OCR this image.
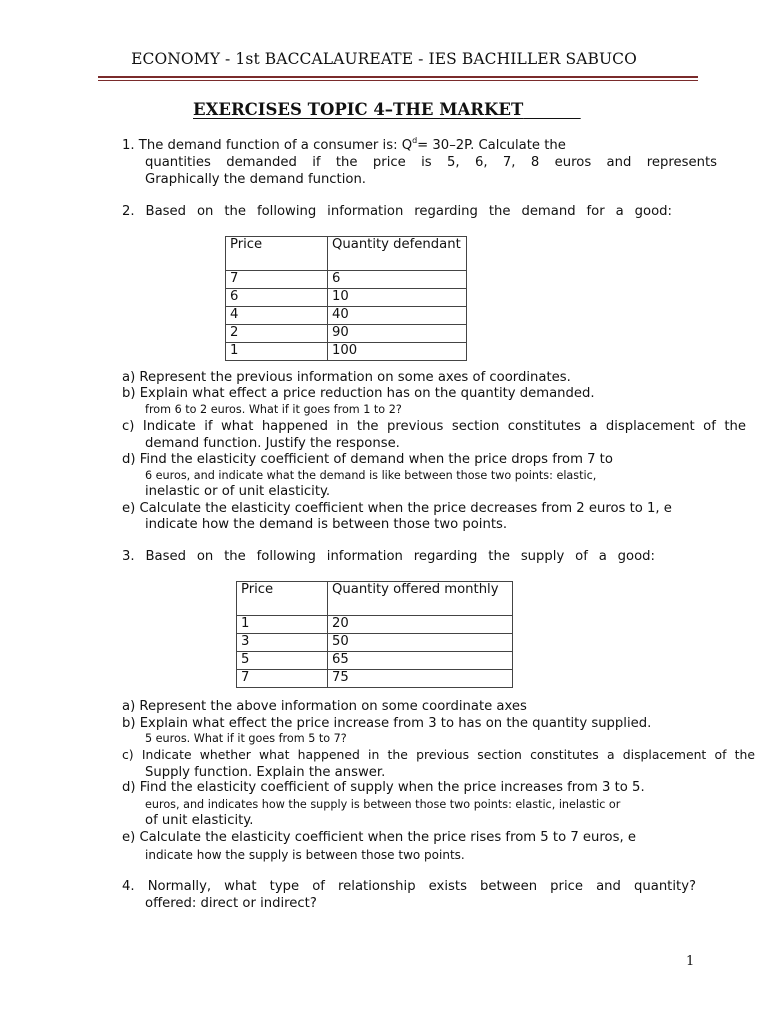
ECONOMY - 1st BACCALAUREATE - IES BACHILLER SABUCO
EXERCISES TOPIC 4–THE MARKET
1. The demand function of a consumer is: $Q^d= 30-2P$. Calculate the
quantities demanded if the price is 5, 6, 7, 8 euros and represents
Graphically the demand function.
2. Based on the following information regarding the demand for a good:
Price	Quantity defendant
7	6
6	10
4	40
2	90
1	100
a) Represent the previous information on some axes of coordinates.
b) Explain what effect a price reduction has on the quantity demanded.
from 6 to 2 euros. What if it goes from 1 to 2?
c) Indicate if what happened in the previous section constitutes a displacement of the
demand function. Justify the response.
d) Find the elasticity coefficient of demand when the price drops from 7 to
6 euros, and indicate what the demand is like between those two points: elastic,
inelastic or of unit elasticity.
e) Calculate the elasticity coefficient when the price decreases from 2 euros to 1, e
indicate how the demand is between those two points.
3. Based on the following information regarding the supply of a good:
Price	Quantity offered monthly
1	20
3	50
5	65
7	75
a) Represent the above information on some coordinate axes
b) Explain what effect the price increase from 3 to has on the quantity supplied.
5 euros. What if it goes from 5 to 7?
c) Indicate whether what happened in the previous section constitutes a displacement of the
Supply function. Explain the answer.
d) Find the elasticity coefficient of supply when the price increases from 3 to 5.
euros, and indicates how the supply is between those two points: elastic, inelastic or
of unit elasticity.
e) Calculate the elasticity coefficient when the price rises from 5 to 7 euros, e
indicate how the supply is between those two points.
4. Normally, what type of relationship exists between price and quantity?
offered: direct or indirect?
1
